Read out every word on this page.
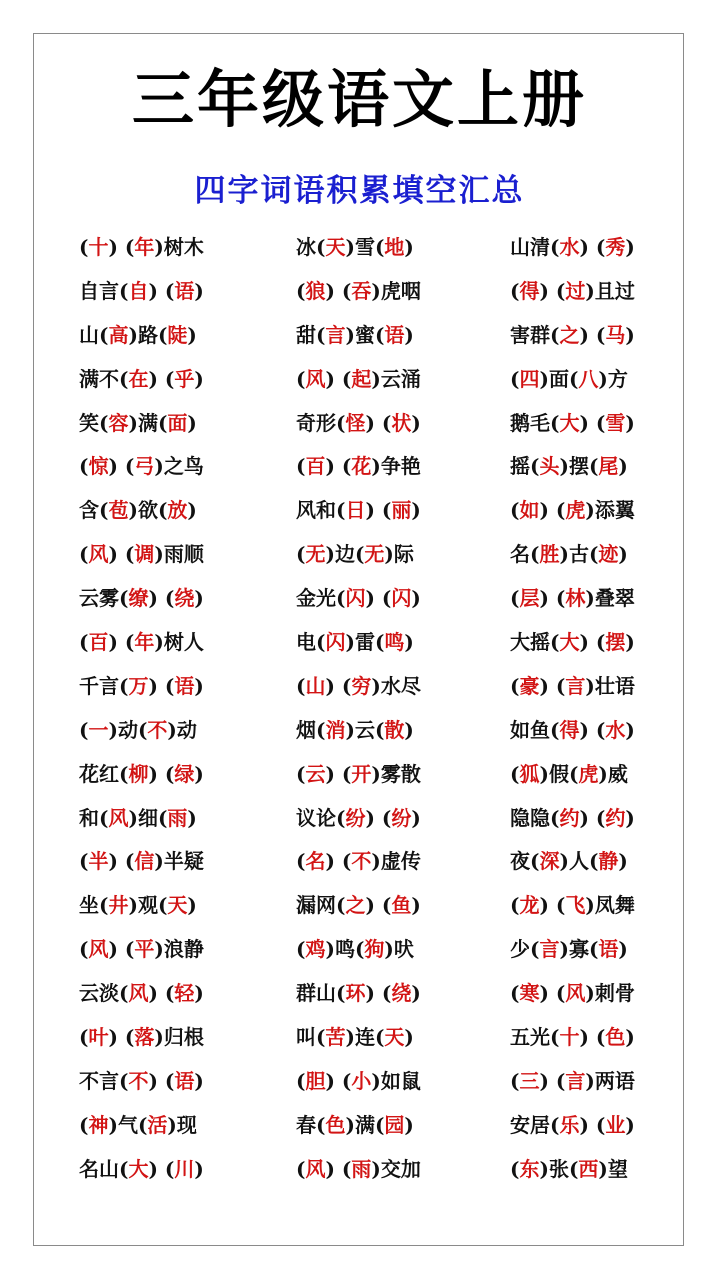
三年级语文上册
四字词语积累填空汇总
(十) (年)树木	冰(天)雪(地)	山清(水) (秀)
自言(自) (语)	(狼) (吞)虎咽	(得) (过)且过
山(高)路(陡)	甜(言)蜜(语)	害群(之) (马)
满不(在) (乎)	(风) (起)云涌	(四)面(八)方
笑(容)满(面)	奇形(怪) (状)	鹅毛(大) (雪)
(惊) (弓)之鸟	(百) (花)争艳	摇(头)摆(尾)
含(苞)欲(放)	风和(日) (丽)	(如) (虎)添翼
(风) (调)雨顺	(无)边(无)际	名(胜)古(迹)
云雾(缭) (绕)	金光(闪) (闪)	(层) (林)叠翠
(百) (年)树人	电(闪)雷(鸣)	大摇(大) (摆)
千言(万) (语)	(山) (穷)水尽	(豪) (言)壮语
(一)动(不)动	烟(消)云(散)	如鱼(得) (水)
花红(柳) (绿)	(云) (开)雾散	(狐)假(虎)威
和(风)细(雨)	议论(纷) (纷)	隐隐(约) (约)
(半) (信)半疑	(名) (不)虚传	夜(深)人(静)
坐(井)观(天)	漏网(之) (鱼)	(龙) (飞)凤舞
(风) (平)浪静	(鸡)鸣(狗)吠	少(言)寡(语)
云淡(风) (轻)	群山(环) (绕)	(寒) (风)刺骨
(叶) (落)归根	叫(苦)连(天)	五光(十) (色)
不言(不) (语)	(胆) (小)如鼠	(三) (言)两语
(神)气(活)现	春(色)满(园)	安居(乐) (业)
名山(大) (川)	(风) (雨)交加	(东)张(西)望
